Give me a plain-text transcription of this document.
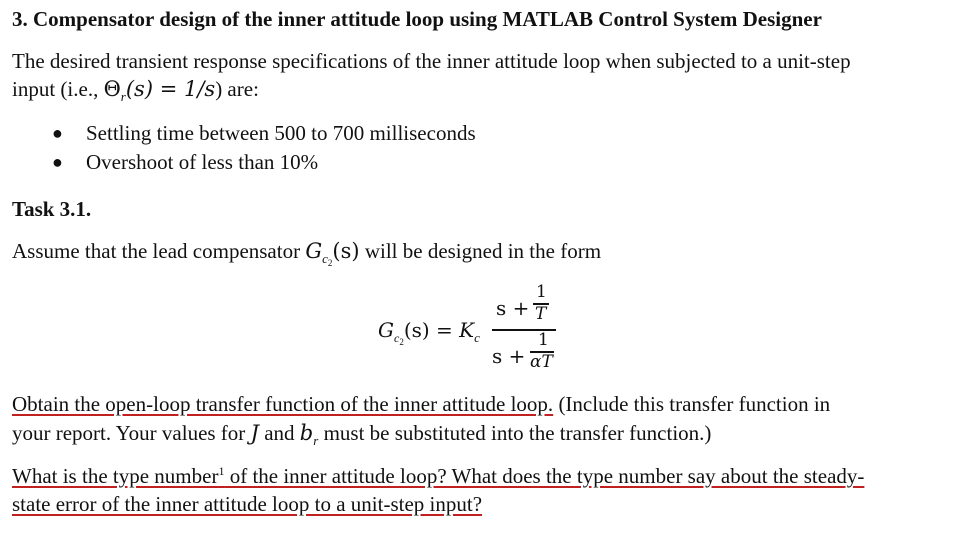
3. Compensator design of the inner attitude loop using MATLAB Control System Designer
The desired transient response specifications of the inner attitude loop when subjected to a unit-step
input (i.e., $\Theta_r(s) = 1/s$) are:
● Settling time between 500 to 700 milliseconds
● Overshoot of less than 10%
Task 3.1.
Assume that the lead compensator $G_{c_2}(s)$ will be designed in the form
$G_{c_2}(s) = K_c$
s +
1
T
s +
1
αT
Obtain the open-loop transfer function of the inner attitude loop. (Include this transfer function in
your report. Your values for J and $b_r$ must be substituted into the transfer function.)
What is the type number$^1$ of the inner attitude loop? What does the type number say about the steady-
state error of the inner attitude loop to a unit-step input?
